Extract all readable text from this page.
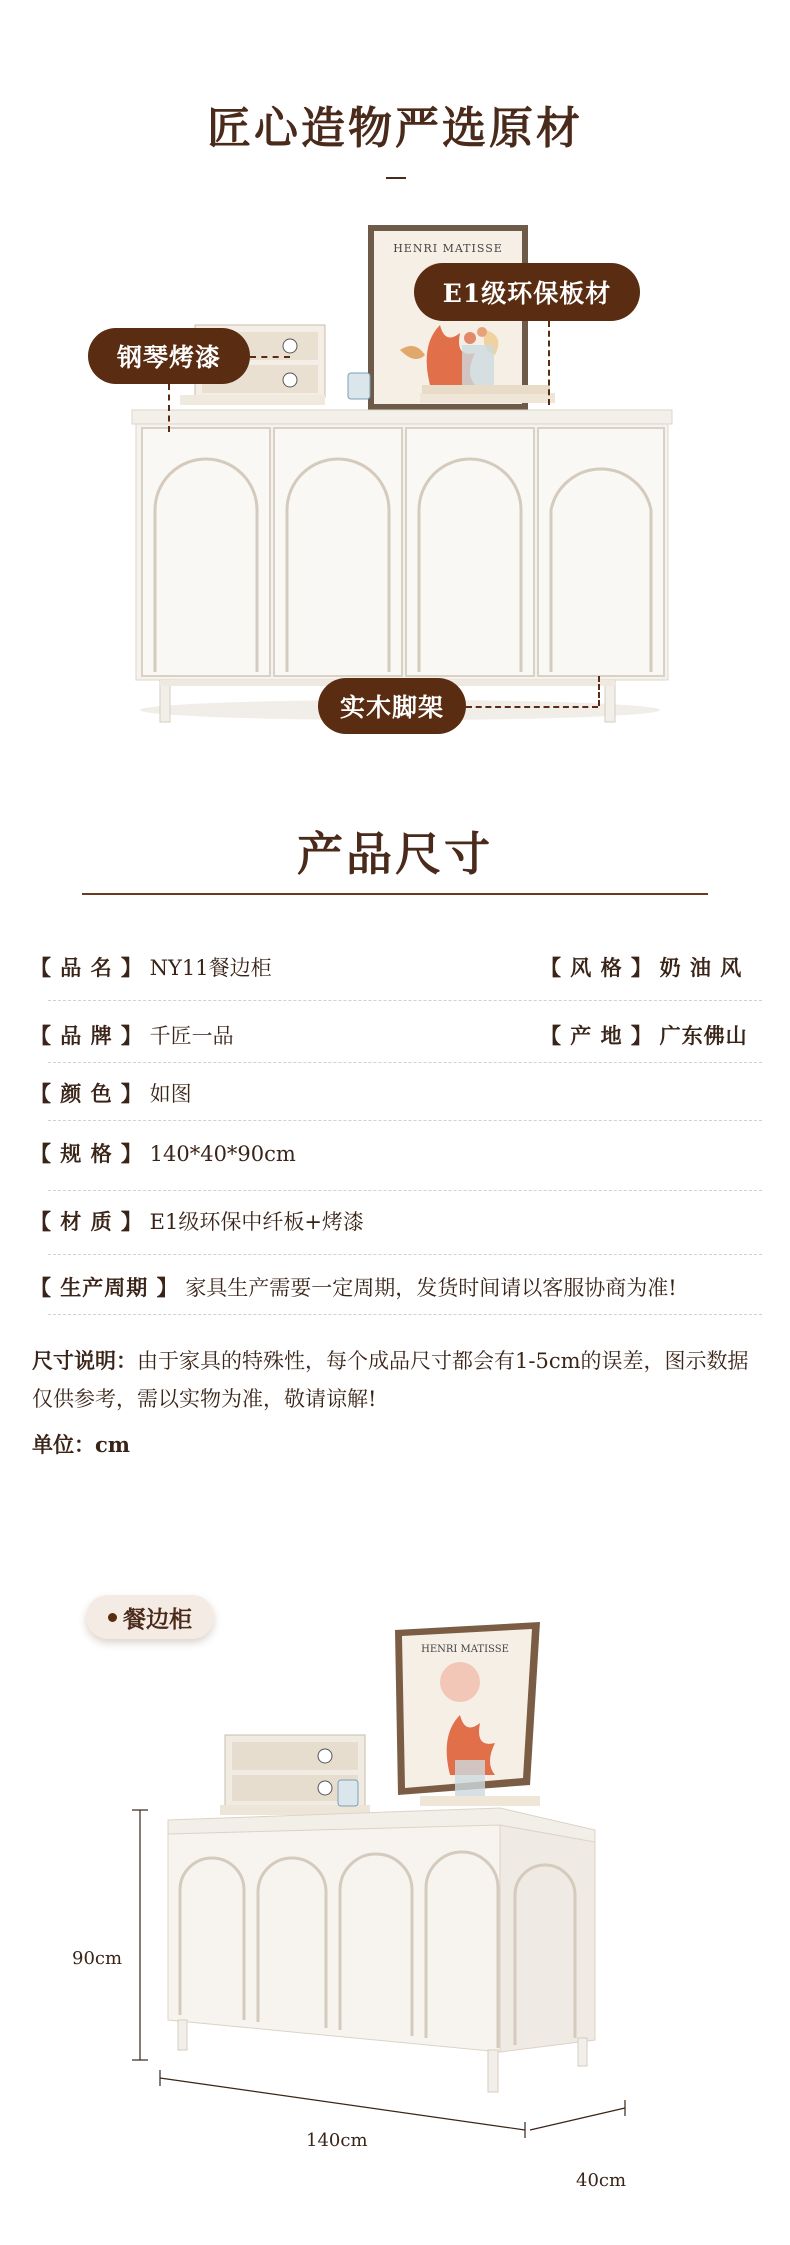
匠心造物严选原材
HENRI MATISSE
钢琴烤漆
E1级环保板材
实木脚架
产品尺寸
【 品 名 】 NY11餐边柜	【 风 格 】 奶 油 风
【 品 牌 】 千匠一品	【 产 地 】 广东佛山
【 颜 色 】 如图
【 规 格 】 140*40*90cm
【 材 质 】 E1级环保中纤板+烤漆
【 生产周期 】 家具生产需要一定周期，发货时间请以客服协商为准!
尺寸说明：由于家具的特殊性，每个成品尺寸都会有1-5cm的误差，图示数据仅供参考，需以实物为准，敬请谅解!
单位：cm
餐边柜
HENRI MATISSE
90cm
140cm
40cm
